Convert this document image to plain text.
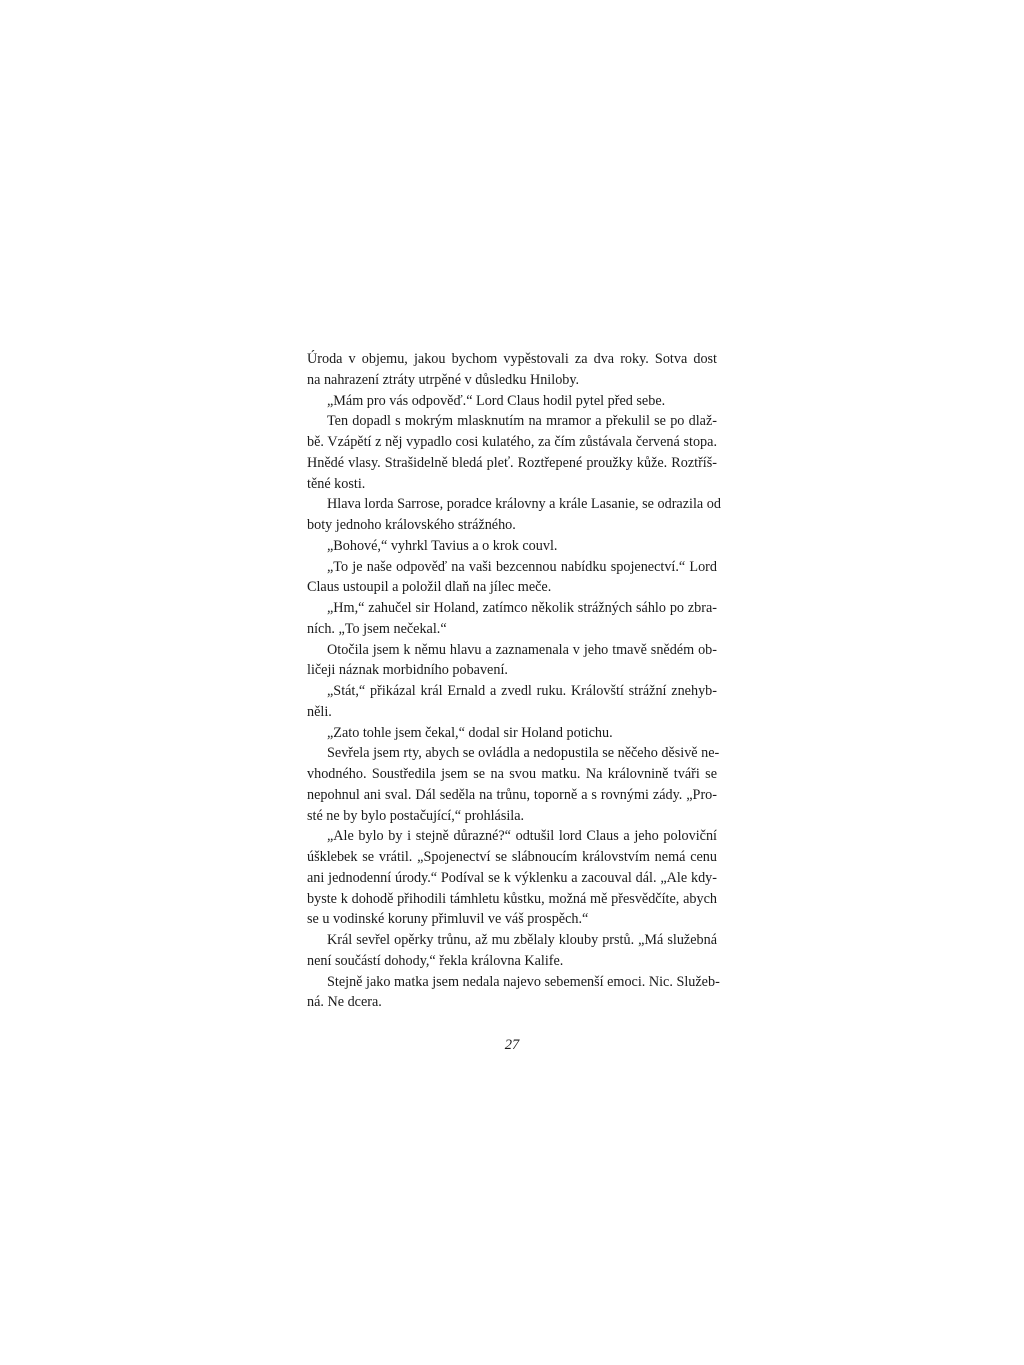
Úroda v objemu, jakou bychom vypěstovali za dva roky. Sotva dost
na nahrazení ztráty utrpěné v důsledku Hniloby.
„Mám pro vás odpověď.“ Lord Claus hodil pytel před sebe.
Ten dopadl s mokrým mlasknutím na mramor a překulil se po dlaž-
bě. Vzápětí z něj vypadlo cosi kulatého, za čím zůstávala červená stopa.
Hnědé vlasy. Strašidelně bledá pleť. Roztřepené proužky kůže. Roztříš-
těné kosti.
Hlava lorda Sarrose, poradce královny a krále Lasanie, se odrazila od
boty jednoho královského strážného.
„Bohové,“ vyhrkl Tavius a o krok couvl.
„To je naše odpověď na vaši bezcennou nabídku spojenectví.“ Lord
Claus ustoupil a položil dlaň na jílec meče.
„Hm,“ zahučel sir Holand, zatímco několik strážných sáhlo po zbra-
ních. „To jsem nečekal.“
Otočila jsem k němu hlavu a zaznamenala v jeho tmavě snědém ob-
ličeji náznak morbidního pobavení.
„Stát,“ přikázal král Ernald a zvedl ruku. Královští strážní znehyb-
něli.
„Zato tohle jsem čekal,“ dodal sir Holand potichu.
Sevřela jsem rty, abych se ovládla a nedopustila se něčeho děsivě ne-
vhodného. Soustředila jsem se na svou matku. Na královnině tváři se
nepohnul ani sval. Dál seděla na trůnu, toporně a s rovnými zády. „Pro-
sté ne by bylo postačující,“ prohlásila.
„Ale bylo by i stejně důrazné?“ odtušil lord Claus a jeho poloviční
úšklebek se vrátil. „Spojenectví se slábnoucím královstvím nemá cenu
ani jednodenní úrody.“ Podíval se k výklenku a zacouval dál. „Ale kdy-
byste k dohodě přihodili támhletu kůstku, možná mě přesvědčíte, abych
se u vodinské koruny přimluvil ve váš prospěch.“
Král sevřel opěrky trůnu, až mu zbělaly klouby prstů. „Má služebná
není součástí dohody,“ řekla královna Kalife.
Stejně jako matka jsem nedala najevo sebemenší emoci. Nic. Služeb-
ná. Ne dcera.
27
